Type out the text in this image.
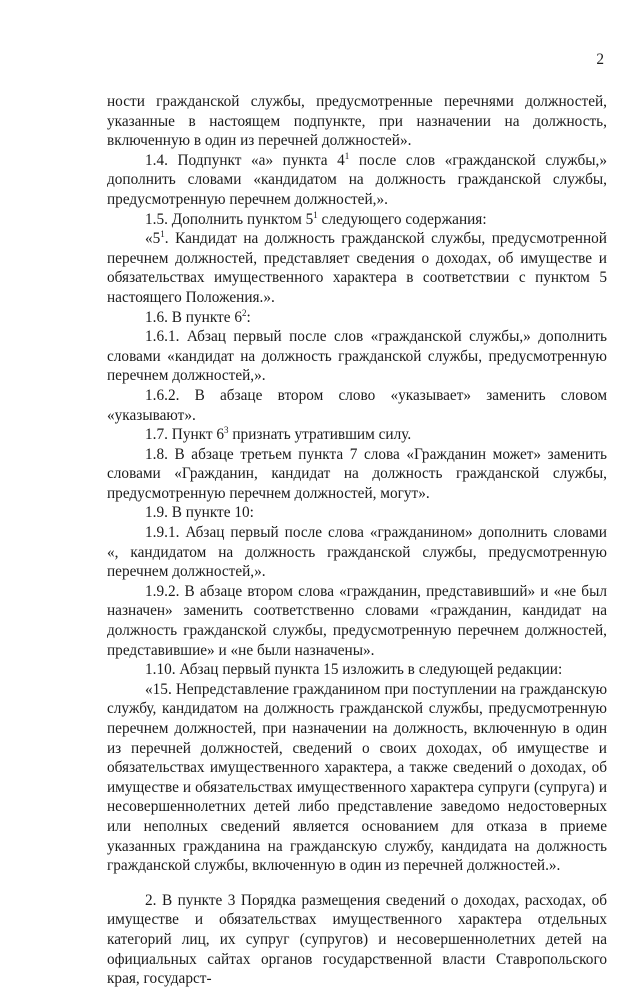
2

ности гражданской службы, предусмотренные перечнями должностей, указанные в настоящем подпункте, при назначении на должность, включенную в один из перечней должностей».

1.4. Подпункт «а» пункта $4^1$ после слов «гражданской службы,» дополнить словами «кандидатом на должность гражданской службы, предусмотренную перечнем должностей,».

1.5. Дополнить пунктом $5^1$ следующего содержания:

«$5^1$. Кандидат на должность гражданской службы, предусмотренной перечнем должностей, представляет сведения о доходах, об имуществе и обязательствах имущественного характера в соответствии с пунктом 5 настоящего Положения.».

1.6. В пункте $6^2$:

1.6.1. Абзац первый после слов «гражданской службы,» дополнить словами «кандидат на должность гражданской службы, предусмотренную перечнем должностей,».

1.6.2. В абзаце втором слово «указывает» заменить словом «указывают».

1.7. Пункт $6^3$ признать утратившим силу.

1.8. В абзаце третьем пункта 7 слова «Гражданин может» заменить словами «Гражданин, кандидат на должность гражданской службы, предусмотренную перечнем должностей, могут».

1.9. В пункте 10:

1.9.1. Абзац первый после слова «гражданином» дополнить словами «, кандидатом на должность гражданской службы, предусмотренную перечнем должностей,».

1.9.2. В абзаце втором слова «гражданин, представивший» и «не был назначен» заменить соответственно словами «гражданин, кандидат на должность гражданской службы, предусмотренную перечнем должностей, представившие» и «не были назначены».

1.10. Абзац первый пункта 15 изложить в следующей редакции:

«15. Непредставление гражданином при поступлении на гражданскую службу, кандидатом на должность гражданской службы, предусмотренную перечнем должностей, при назначении на должность, включенную в один из перечней должностей, сведений о своих доходах, об имуществе и обязательствах имущественного характера, а также сведений о доходах, об имуществе и обязательствах имущественного характера супруги (супруга) и несовершеннолетних детей либо представление заведомо недостоверных или неполных сведений является основанием для отказа в приеме указанных гражданина на гражданскую службу, кандидата на должность гражданской службы, включенную в один из перечней должностей.».

2. В пункте 3 Порядка размещения сведений о доходах, расходах, об имуществе и обязательствах имущественного характера отдельных категорий лиц, их супруг (супругов) и несовершеннолетних детей на официальных сайтах органов государственной власти Ставропольского края, государст-
